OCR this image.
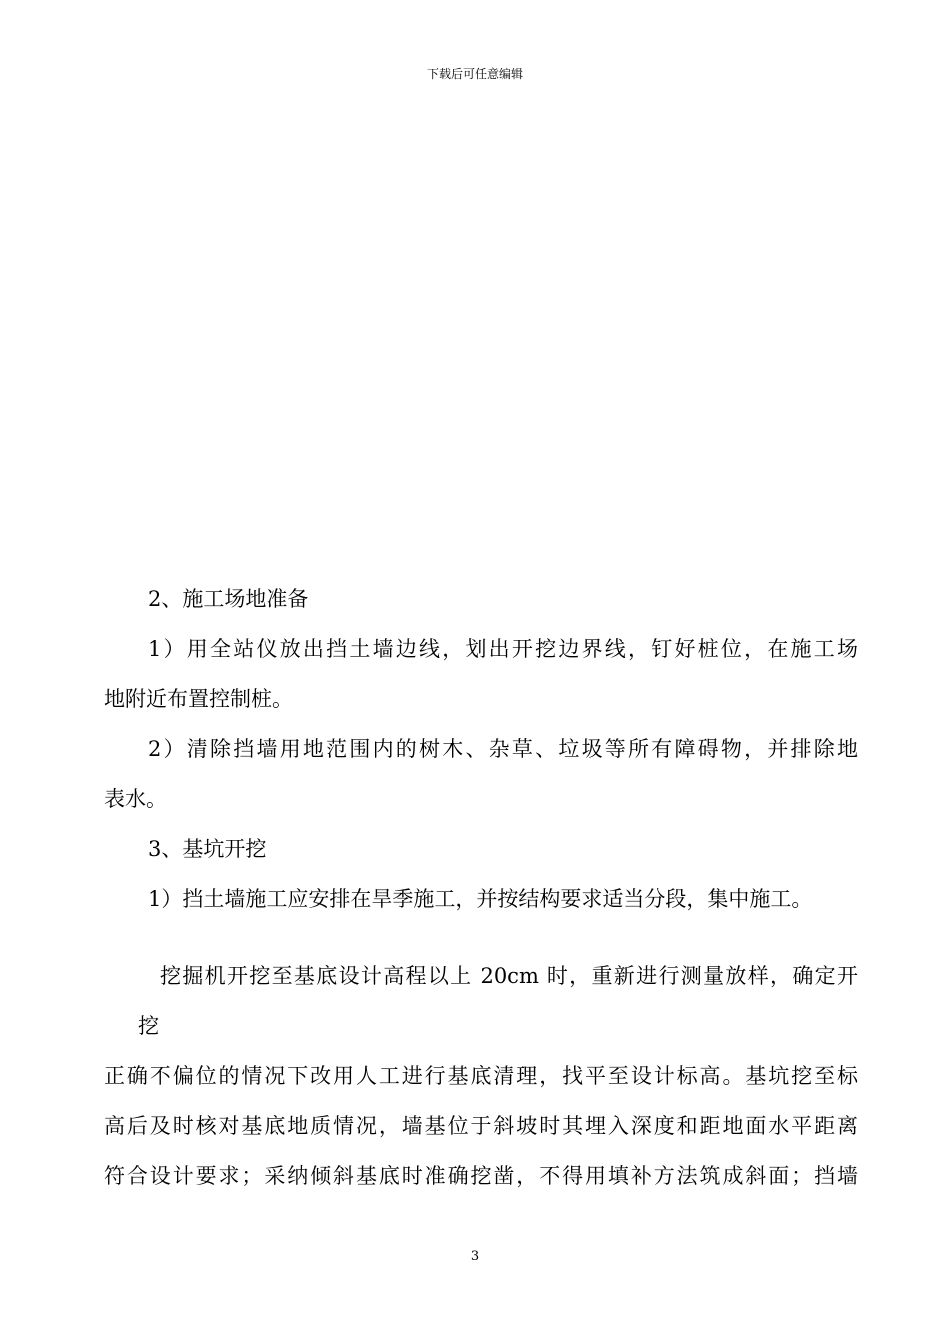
下载后可任意编辑
2、施工场地准备
1）用全站仪放出挡土墙边线，划出开挖边界线，钉好桩位，在施工场
地附近布置控制桩。
2）清除挡墙用地范围内的树木、杂草、垃圾等所有障碍物，并排除地
表水。
3、基坑开挖
1）挡土墙施工应安排在旱季施工，并按结构要求适当分段，集中施工。
挖掘机开挖至基底设计高程以上 20cm 时，重新进行测量放样，确定开
挖
正确不偏位的情况下改用人工进行基底清理，找平至设计标高。基坑挖至标
高后及时核对基底地质情况，墙基位于斜坡时其埋入深度和距地面水平距离
符合设计要求；采纳倾斜基底时准确挖凿，不得用填补方法筑成斜面；挡墙
3
